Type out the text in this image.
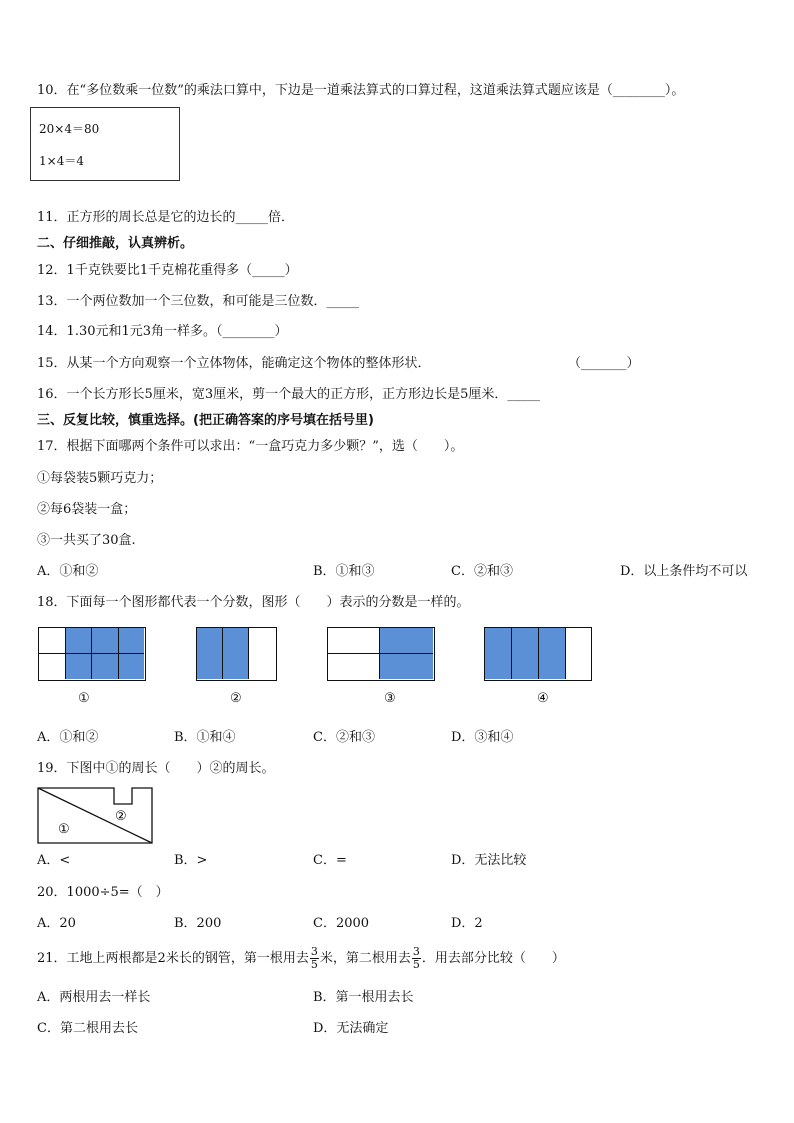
10．在“多位数乘一位数”的乘法口算中，下边是一道乘法算式的口算过程，这道乘法算式题应该是（________）。
20×4＝80
1×4＝4
11．正方形的周长总是它的边长的_____倍．
二、仔细推敲，认真辨析。
12．1千克铁要比1千克棉花重得多（_____）
13．一个两位数加一个三位数，和可能是三位数．_____
14．1.30元和1元3角一样多。（________）
15．从某一个方向观察一个立体物体，能确定这个物体的整体形状．	（_______）
16．一个长方形长5厘米，宽3厘米，剪一个最大的正方形，正方形边长是5厘米．_____
三、反复比较，慎重选择。(把正确答案的序号填在括号里)
17．根据下面哪两个条件可以求出：“一盒巧克力多少颗？”，选（　　）。
①每袋装5颗巧克力；
②每6袋装一盒；
③一共买了30盒.
A．①和②	B．①和③	C．②和③	D．以上条件均不可以
18．下面每一个图形都代表一个分数，图形（　　）表示的分数是一样的。
①	②	③	④
A．①和②	B．①和④	C．②和③	D．③和④
19．下图中①的周长（　　）②的周长。
①
②
A．<	B．>	C．=	D．无法比较
20．1000÷5=（　）
A．20	B．200	C．2000	D．2
21．工地上两根都是2米长的钢管，第一根用去 $\frac{3}{5}$ 米，第二根用去 $\frac{3}{5}$ ．用去部分比较（　　）
A．两根用去一样长	B．第一根用去长
C．第二根用去长	D．无法确定
